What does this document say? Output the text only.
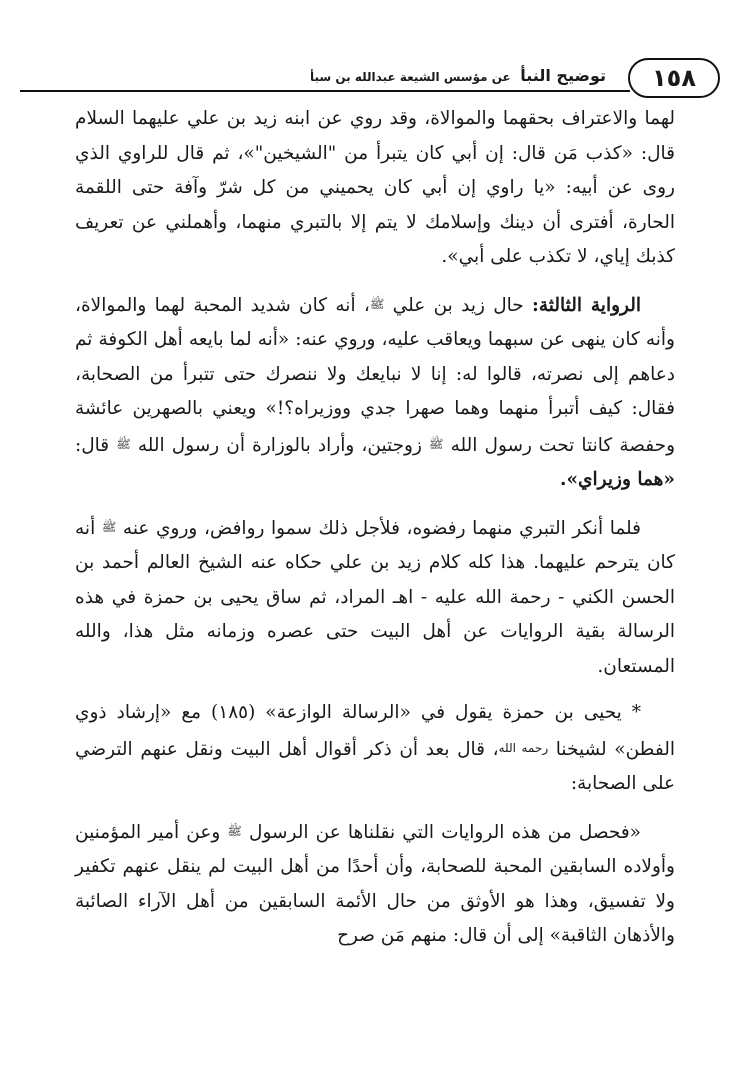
١٥٨
توضيح النبأ عن مؤسس الشيعة عبدالله بن سبأ

لهما والاعتراف بحقهما والموالاة، وقد روي عن ابنه زيد بن علي عليهما السلام قال: «كذب مَن قال: إن أبي كان يتبرأ من "الشيخين"»، ثم قال للراوي الذي روى عن أبيه: «يا راوي إن أبي كان يحميني من كل شرّ وآفة حتى اللقمة الحارة، أفترى أن دينك وإسلامك لا يتم إلا بالتبري منهما، وأهملني عن تعريف كذبك إياي، لا تكذب على أبي».

الرواية الثالثة: حال زيد بن علي ﷺ، أنه كان شديد المحبة لهما والموالاة، وأنه كان ينهى عن سبهما ويعاقب عليه، وروي عنه: «أنه لما بايعه أهل الكوفة ثم دعاهم إلى نصرته، قالوا له: إنا لا نبايعك ولا ننصرك حتى تتبرأ من الصحابة، فقال: كيف أتبرأ منهما وهما صهرا جدي ووزيراه؟!» ويعني بالصهرين عائشة وحفصة كانتا تحت رسول الله ﷺ زوجتين، وأراد بالوزارة أن رسول الله ﷺ قال: «هما وزيراي».

فلما أنكر التبري منهما رفضوه، فلأجل ذلك سموا روافض، وروي عنه ﷺ أنه كان يترحم عليهما. هذا كله كلام زيد بن علي حكاه عنه الشيخ العالم أحمد بن الحسن الكني - رحمة الله عليه - اهـ المراد، ثم ساق يحيى بن حمزة في هذه الرسالة بقية الروايات عن أهل البيت حتى عصره وزمانه مثل هذا، والله المستعان.

* يحيى بن حمزة يقول في «الرسالة الوازعة» (١٨٥) مع «إرشاد ذوي الفطن» لشيخنا رحمه الله، قال بعد أن ذكر أقوال أهل البيت ونقل عنهم الترضي على الصحابة:

«فحصل من هذه الروايات التي نقلناها عن الرسول ﷺ وعن أمير المؤمنين وأولاده السابقين المحبة للصحابة، وأن أحدًا من أهل البيت لم ينقل عنهم تكفير ولا تفسيق، وهذا هو الأوثق من حال الأئمة السابقين من أهل الآراء الصائبة والأذهان الثاقبة» إلى أن قال: منهم مَن صرح
